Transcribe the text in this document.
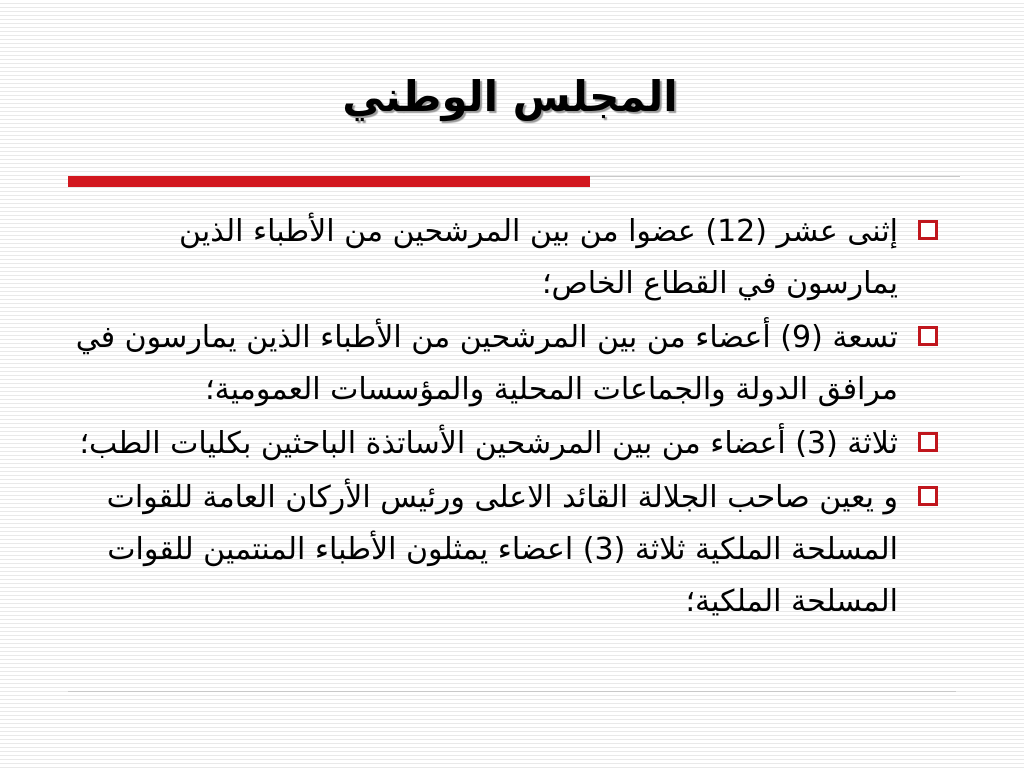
المجلس الوطني
إثنى عشر (12) عضوا من بين المرشحين من الأطباء الذين يمارسون في القطاع الخاص؛
تسعة (9) أعضاء من بين المرشحين من الأطباء الذين يمارسون في مرافق الدولة والجماعات المحلية والمؤسسات العمومية؛
ثلاثة (3) أعضاء من بين المرشحين الأساتذة الباحثين بكليات الطب؛
و يعين صاحب الجلالة القائد الاعلى ورئيس الأركان العامة للقوات المسلحة الملكية ثلاثة (3) اعضاء يمثلون الأطباء المنتمين للقوات المسلحة الملكية؛
